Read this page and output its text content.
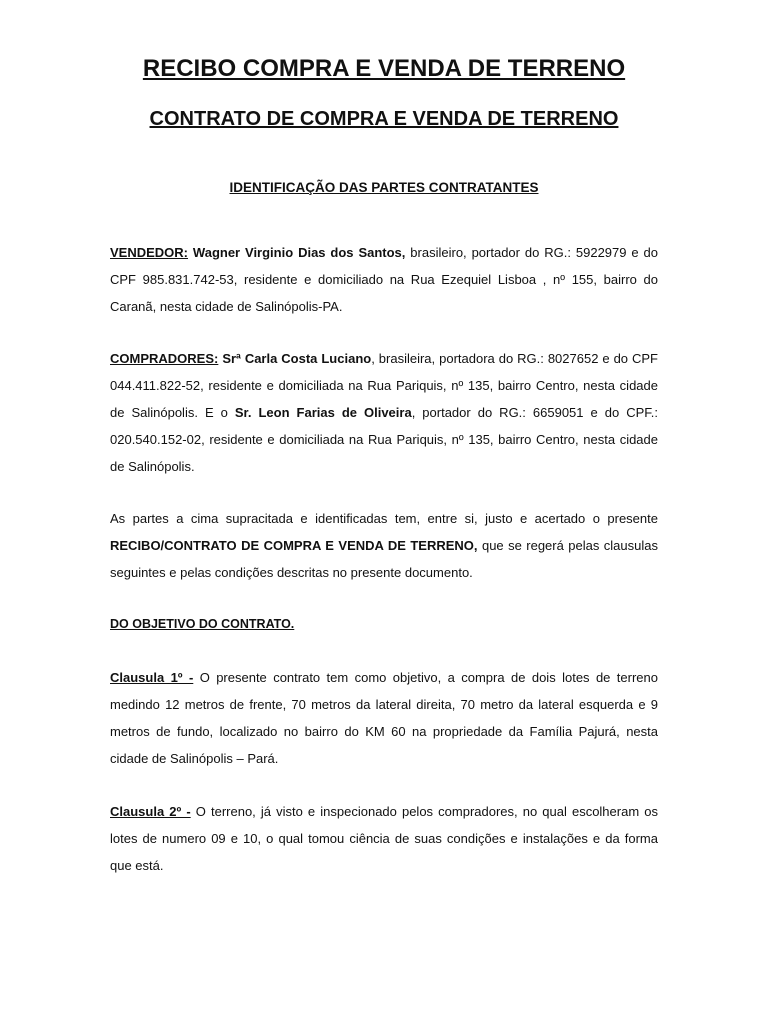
RECIBO COMPRA E VENDA DE TERRENO
CONTRATO DE COMPRA E VENDA DE TERRENO
IDENTIFICAÇÃO DAS PARTES CONTRATANTES

VENDEDOR: Wagner Virginio Dias dos Santos, brasileiro, portador do RG.: 5922979 e do CPF 985.831.742-53, residente e domiciliado na Rua Ezequiel Lisboa , nº 155, bairro do Caranã, nesta cidade de Salinópolis-PA.

COMPRADORES: Srª Carla Costa Luciano, brasileira, portadora do RG.: 8027652 e do CPF 044.411.822-52, residente e domiciliada na Rua Pariquis, nº 135, bairro Centro, nesta cidade de Salinópolis. E o Sr. Leon Farias de Oliveira, portador do RG.: 6659051 e do CPF.: 020.540.152-02, residente e domiciliada na Rua Pariquis, nº 135, bairro Centro, nesta cidade de Salinópolis.

As partes a cima supracitada e identificadas tem, entre si, justo e acertado o presente RECIBO/CONTRATO DE COMPRA E VENDA DE TERRENO, que se regerá pelas clausulas seguintes e pelas condições descritas no presente documento.

DO OBJETIVO DO CONTRATO.

Clausula 1º - O presente contrato tem como objetivo, a compra de dois lotes de terreno medindo 12 metros de frente, 70 metros da lateral direita, 70 metro da lateral esquerda e 9 metros de fundo, localizado no bairro do KM 60 na propriedade da Família Pajurá, nesta cidade de Salinópolis – Pará.

Clausula 2º - O terreno, já visto e inspecionado pelos compradores, no qual escolheram os lotes de numero 09 e 10, o qual tomou ciência de suas condições e instalações e da forma que está.
